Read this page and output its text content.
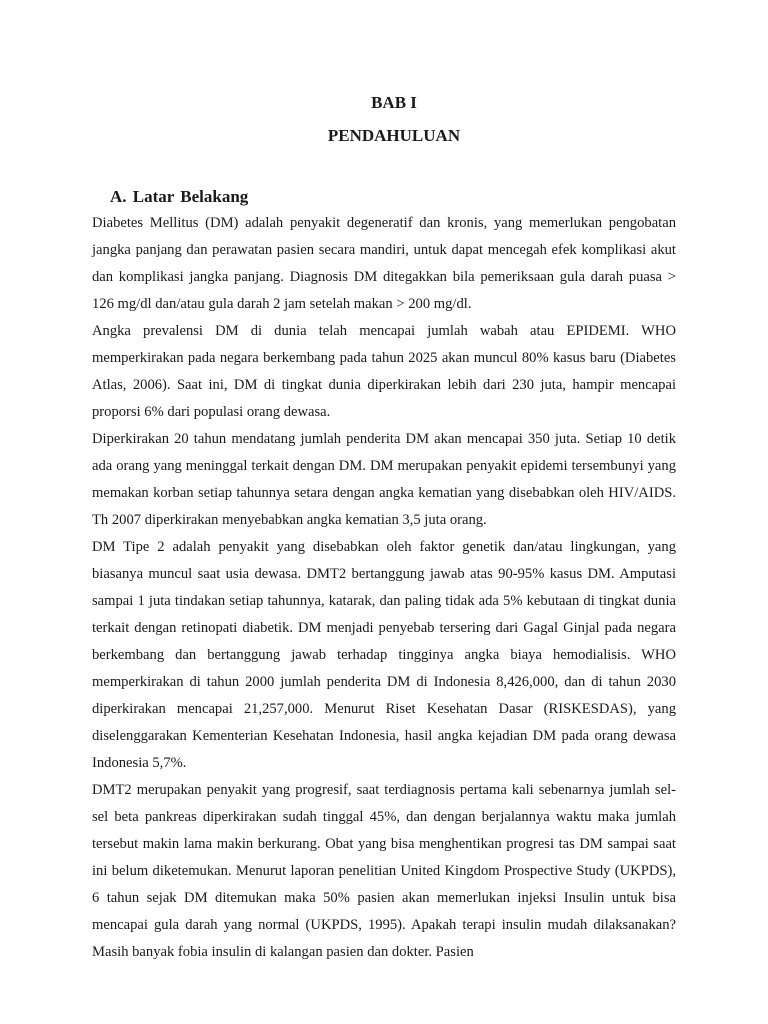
BAB I
PENDAHULUAN
A. Latar Belakang

Diabetes Mellitus (DM) adalah penyakit degeneratif dan kronis, yang memerlukan pengobatan jangka panjang dan perawatan pasien secara mandiri, untuk dapat mencegah efek komplikasi akut dan komplikasi jangka panjang. Diagnosis DM ditegakkan bila pemeriksaan gula darah puasa > 126 mg/dl dan/atau gula darah 2 jam setelah makan > 200 mg/dl.

Angka prevalensi DM di dunia telah mencapai jumlah wabah atau EPIDEMI. WHO memperkirakan pada negara berkembang pada tahun 2025 akan muncul 80% kasus baru (Diabetes Atlas, 2006). Saat ini, DM di tingkat dunia diperkirakan lebih dari 230 juta, hampir mencapai proporsi 6% dari populasi orang dewasa.

Diperkirakan 20 tahun mendatang jumlah penderita DM akan mencapai 350 juta. Setiap 10 detik ada orang yang meninggal terkait dengan DM. DM merupakan penyakit epidemi tersembunyi yang memakan korban setiap tahunnya setara dengan angka kematian yang disebabkan oleh HIV/AIDS. Th 2007 diperkirakan menyebabkan angka kematian 3,5 juta orang.

DM Tipe 2 adalah penyakit yang disebabkan oleh faktor genetik dan/atau lingkungan, yang biasanya muncul saat usia dewasa. DMT2 bertanggung jawab atas 90-95% kasus DM. Amputasi sampai 1 juta tindakan setiap tahunnya, katarak, dan paling tidak ada 5% kebutaan di tingkat dunia terkait dengan retinopati diabetik. DM menjadi penyebab tersering dari Gagal Ginjal pada negara berkembang dan bertanggung jawab terhadap tingginya angka biaya hemodialisis. WHO memperkirakan di tahun 2000 jumlah penderita DM di Indonesia 8,426,000, dan di tahun 2030 diperkirakan mencapai 21,257,000. Menurut Riset Kesehatan Dasar (RISKESDAS), yang diselenggarakan Kementerian Kesehatan Indonesia, hasil angka kejadian DM pada orang dewasa Indonesia 5,7%.

DMT2 merupakan penyakit yang progresif, saat terdiagnosis pertama kali sebenarnya jumlah sel-sel beta pankreas diperkirakan sudah tinggal 45%, dan dengan berjalannya waktu maka jumlah tersebut makin lama makin berkurang. Obat yang bisa menghentikan progresi tas DM sampai saat ini belum diketemukan. Menurut laporan penelitian United Kingdom Prospective Study (UKPDS), 6 tahun sejak DM ditemukan maka 50% pasien akan memerlukan injeksi Insulin untuk bisa mencapai gula darah yang normal (UKPDS, 1995). Apakah terapi insulin mudah dilaksanakan? Masih banyak fobia insulin di kalangan pasien dan dokter. Pasien
